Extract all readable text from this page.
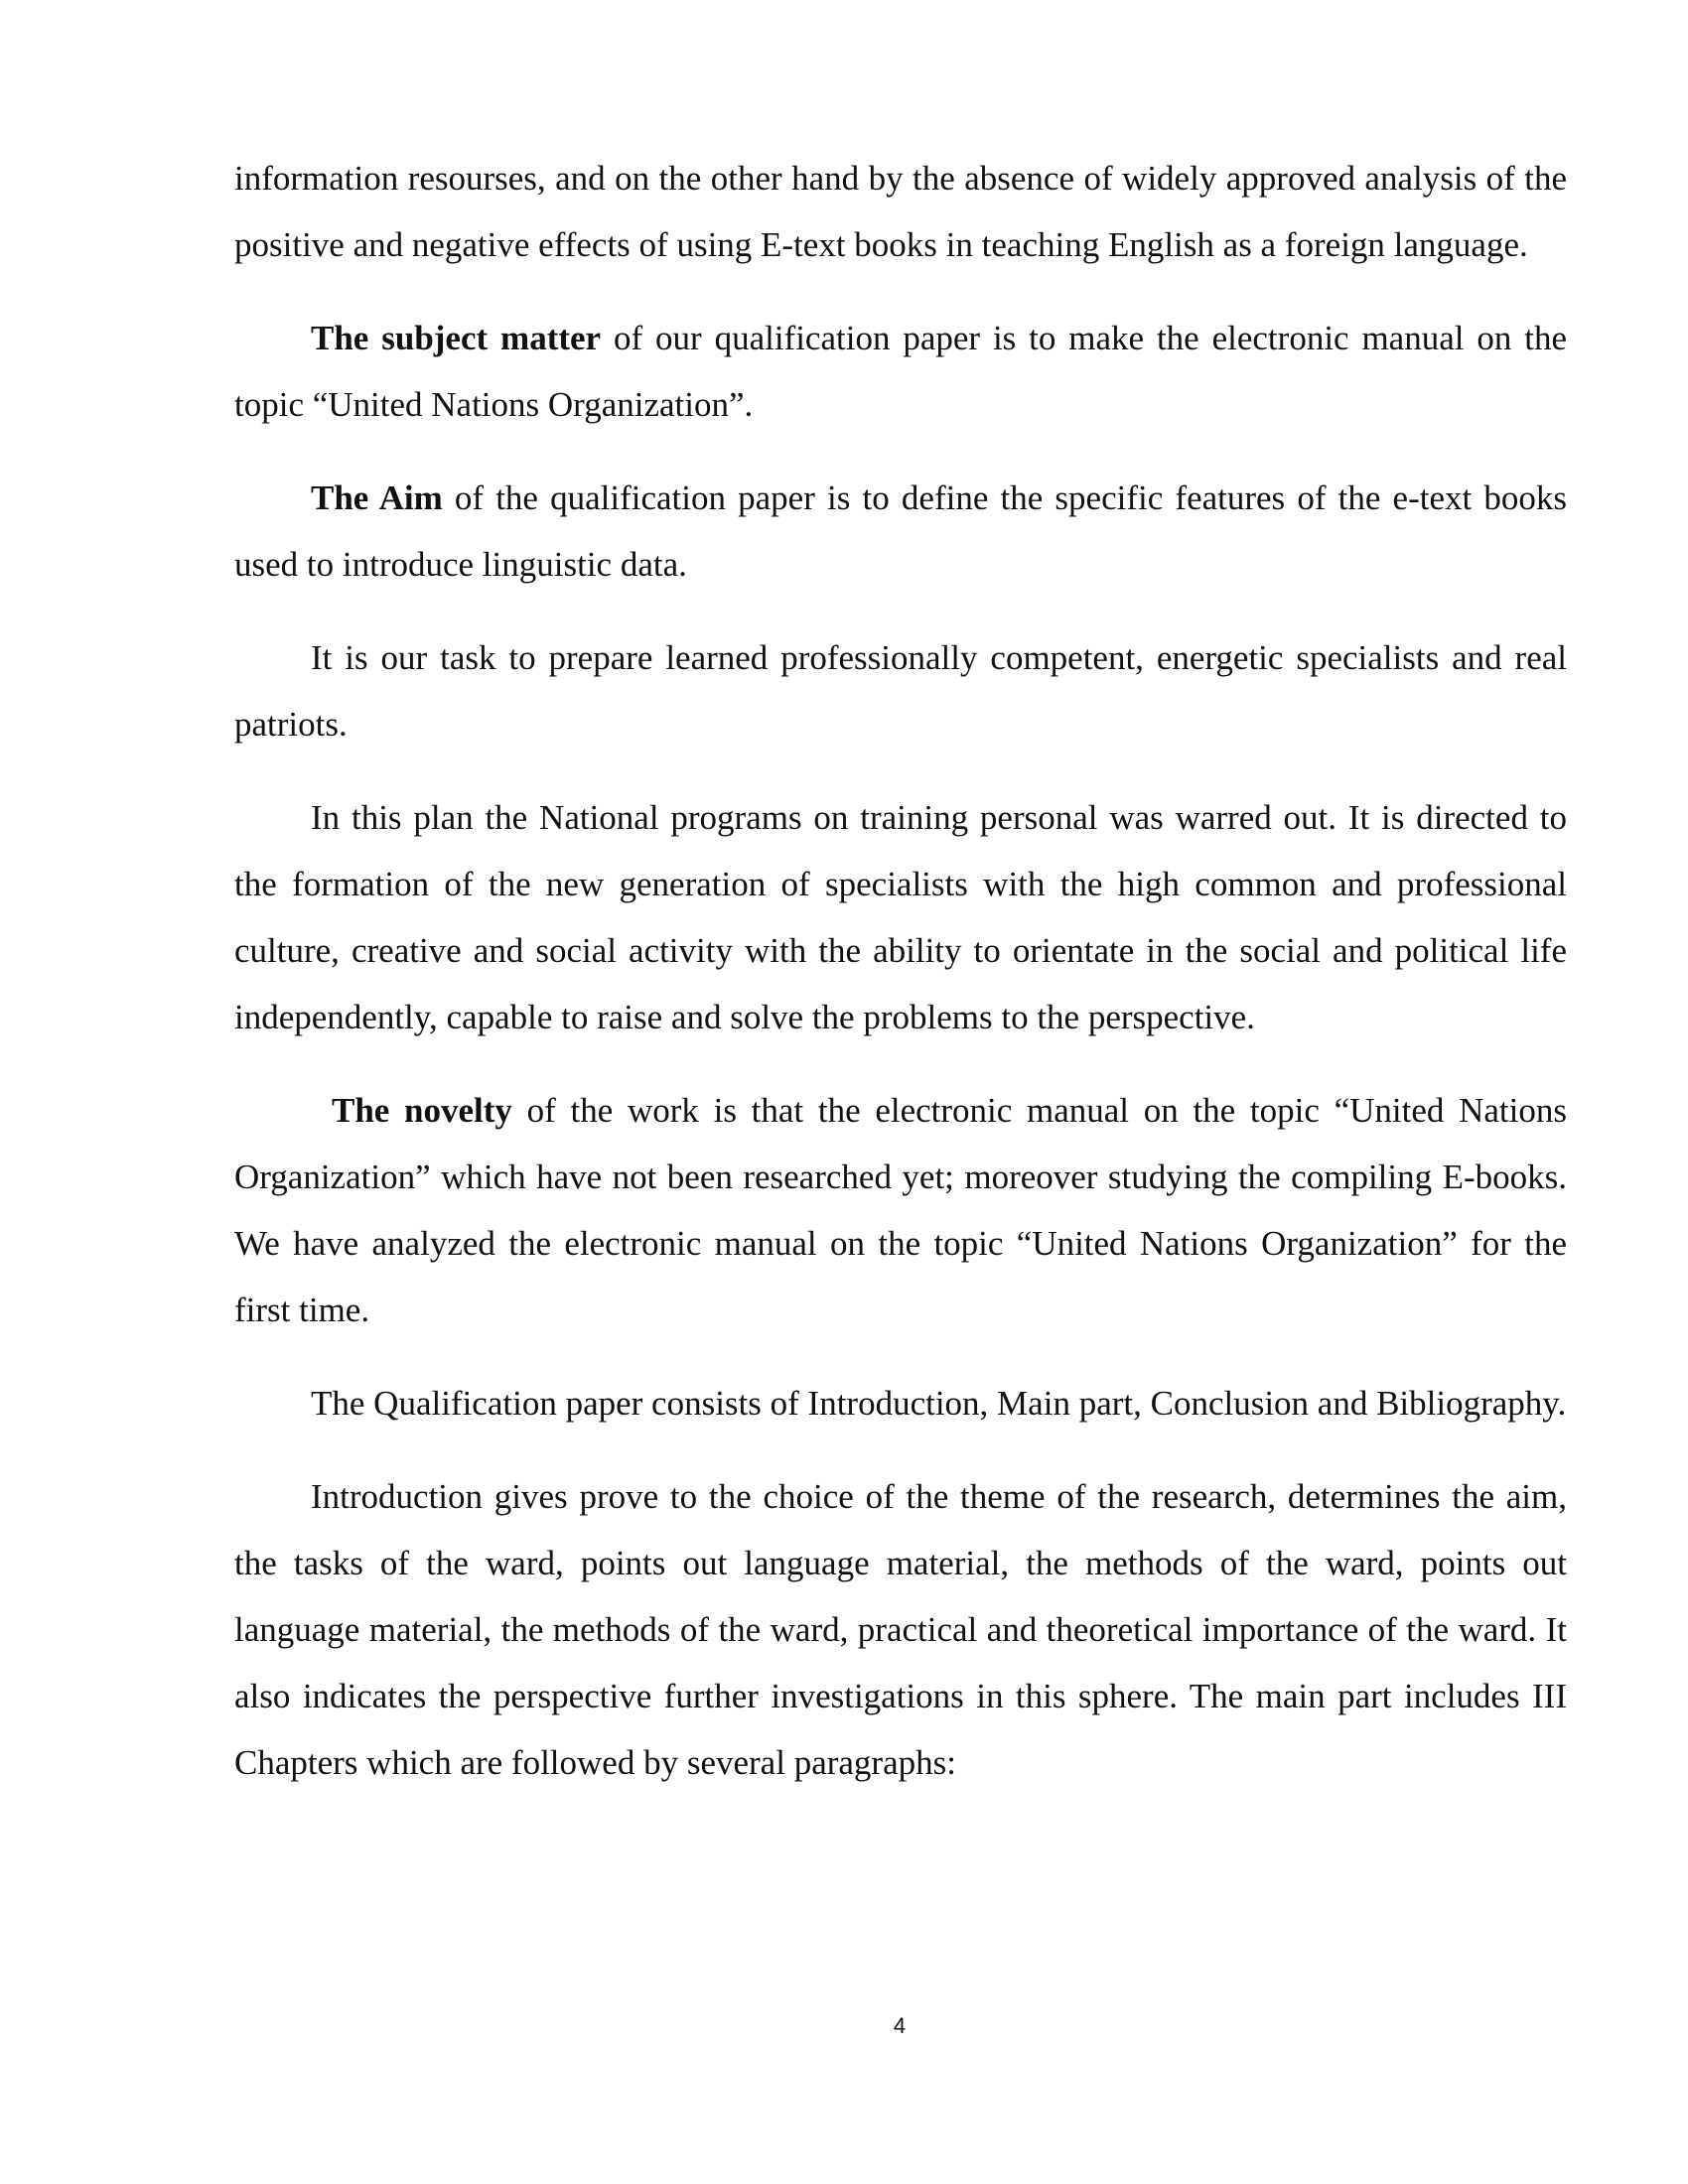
information resourses, and on the other hand by the absence of widely approved analysis of the positive and negative effects of using E-text books in teaching English as a foreign language.

The subject matter of our qualification paper is to make the electronic manual on the topic “United Nations Organization”.

The Aim of the qualification paper is to define the specific features of the e-text books used to introduce linguistic data.

It is our task to prepare learned professionally competent, energetic specialists and real patriots.

In this plan the National programs on training personal was warred out. It is directed to the formation of the new generation of specialists with the high common and professional culture, creative and social activity with the ability to orientate in the social and political life independently, capable to raise and solve the problems to the perspective.

The novelty of the work is that the electronic manual on the topic “United Nations Organization” which have not been researched yet; moreover studying the compiling E-books. We have analyzed the electronic manual on the topic “United Nations Organization” for the first time.

The Qualification paper consists of Introduction, Main part, Conclusion and Bibliography.

Introduction gives prove to the choice of the theme of the research, determines the aim, the tasks of the ward, points out language material, the methods of the ward, points out language material, the methods of the ward, practical and theoretical importance of the ward. It also indicates the perspective further investigations in this sphere. The main part includes III Chapters which are followed by several paragraphs:

4
